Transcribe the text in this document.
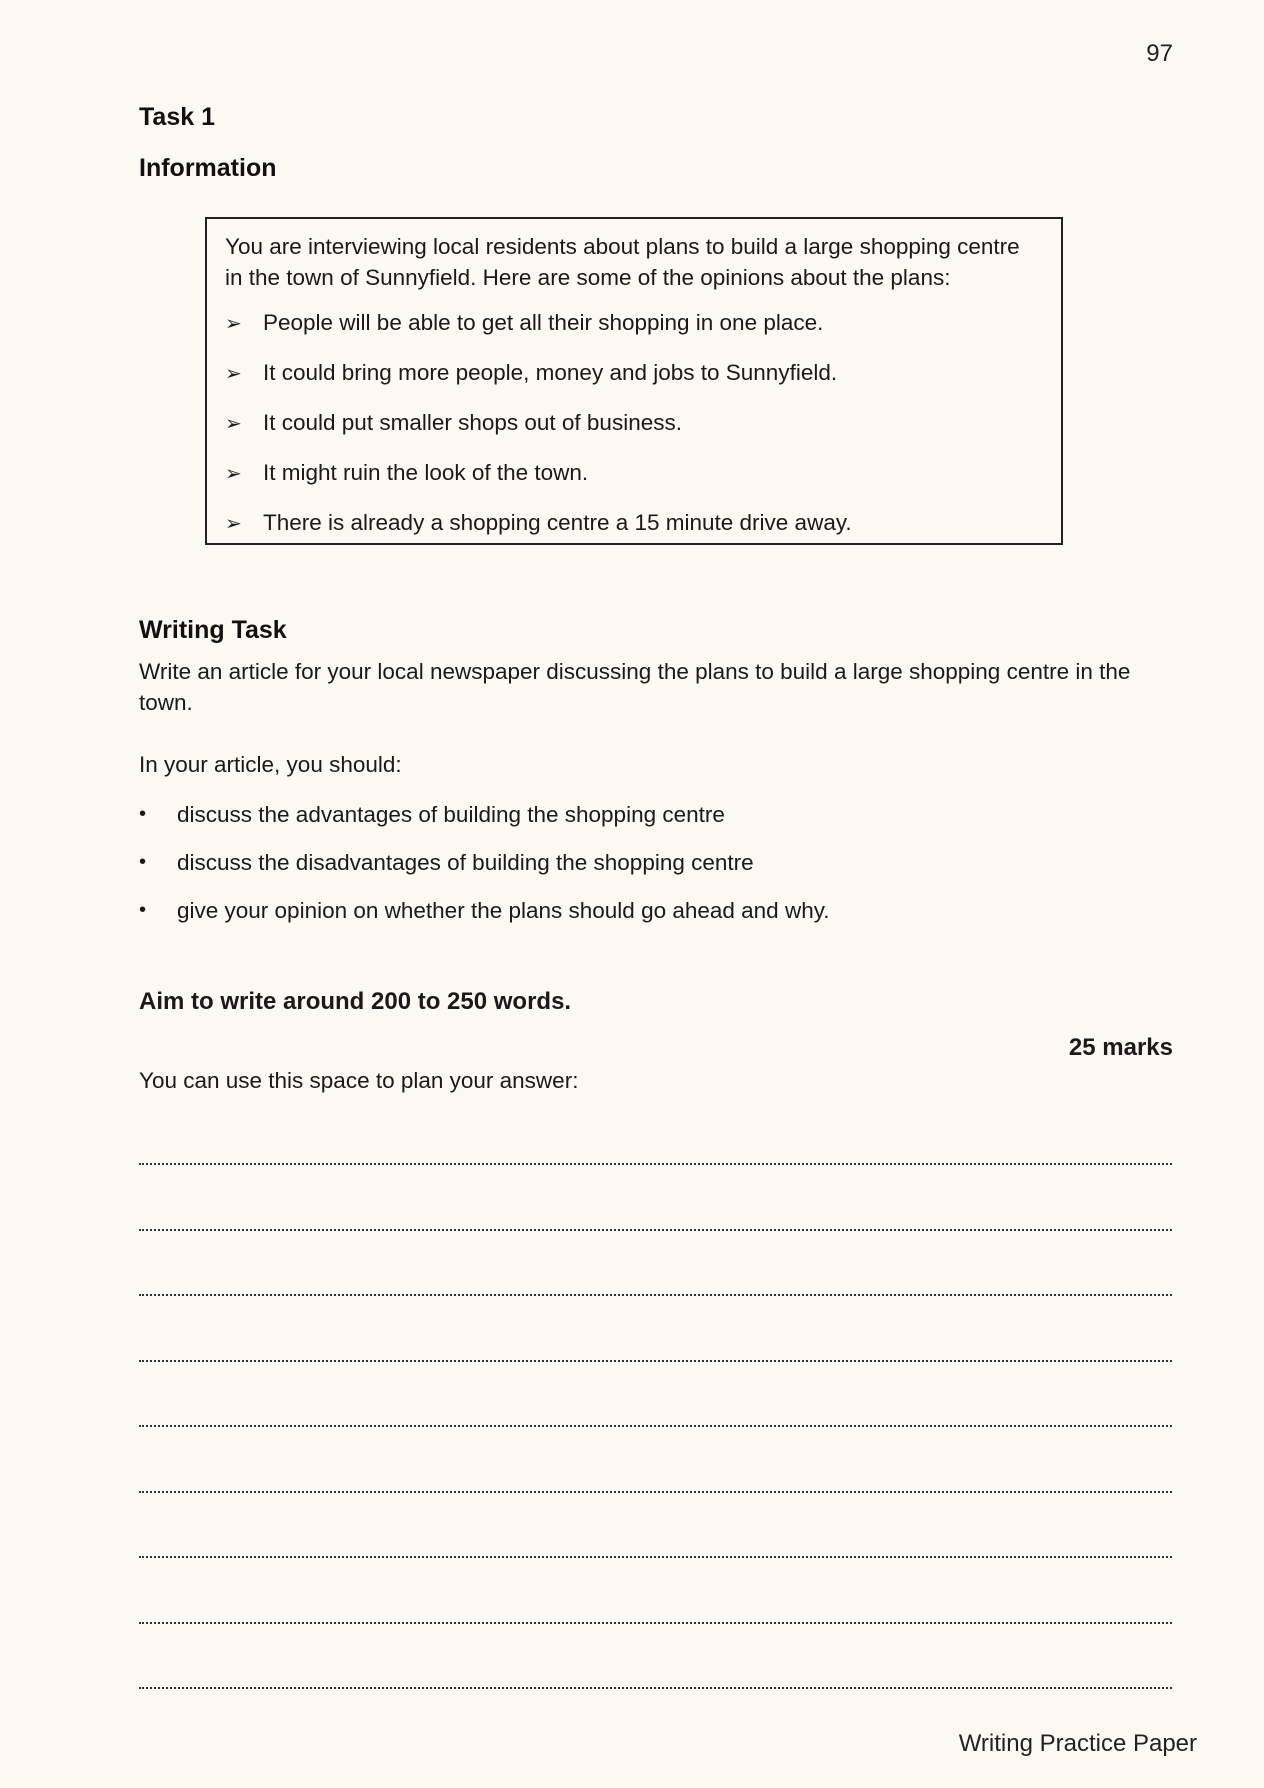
97
Task 1
Information

You are interviewing local residents about plans to build a large shopping centre in the town of Sunnyfield. Here are some of the opinions about the plans:

➢ People will be able to get all their shopping in one place.
➢ It could bring more people, money and jobs to Sunnyfield.
➢ It could put smaller shops out of business.
➢ It might ruin the look of the town.
➢ There is already a shopping centre a 15 minute drive away.
Writing Task
Write an article for your local newspaper discussing the plans to build a large shopping centre in the town.
In your article, you should:
•	discuss the advantages of building the shopping centre
•	discuss the disadvantages of building the shopping centre
•	give your opinion on whether the plans should go ahead and why.
Aim to write around 200 to 250 words.
25 marks
You can use this space to plan your answer:
Writing Practice Paper
